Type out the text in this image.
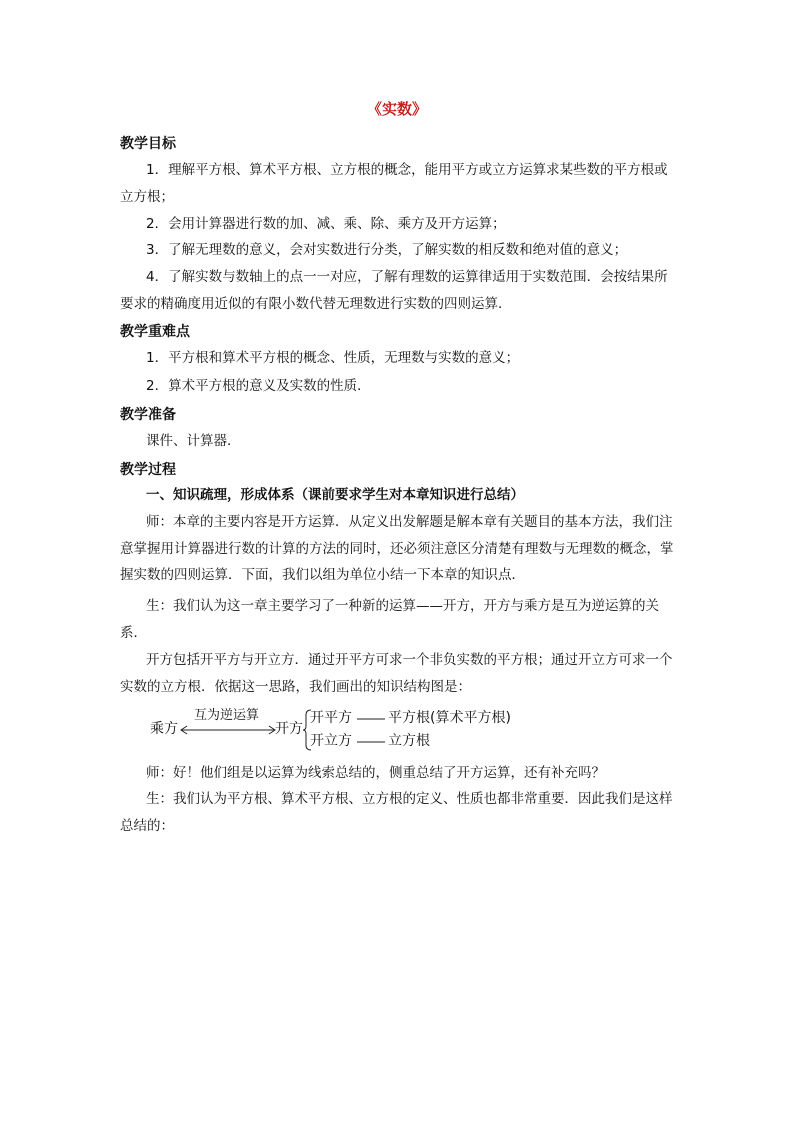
《实数》
教学目标

1．理解平方根、算术平方根、立方根的概念，能用平方或立方运算求某些数的平方根或立方根；

2．会用计算器进行数的加、减、乘、除、乘方及开方运算；

3．了解无理数的意义，会对实数进行分类，了解实数的相反数和绝对值的意义；

4．了解实数与数轴上的点一一对应，了解有理数的运算律适用于实数范围．会按结果所要求的精确度用近似的有限小数代替无理数进行实数的四则运算．

教学重难点

1．平方根和算术平方根的概念、性质，无理数与实数的意义；

2．算术平方根的意义及实数的性质．

教学准备

课件、计算器．

教学过程

一、知识疏理，形成体系（课前要求学生对本章知识进行总结）

师：本章的主要内容是开方运算．从定义出发解题是解本章有关题目的基本方法，我们注意掌握用计算器进行数的计算的方法的同时，还必须注意区分清楚有理数与无理数的概念，掌握实数的四则运算．下面，我们以组为单位小结一下本章的知识点．

生：我们认为这一章主要学习了一种新的运算——开方，开方与乘方是互为逆运算的关系．

开方包括开平方与开立方．通过开平方可求一个非负实数的平方根；通过开立方可求一个实数的立方根．依据这一思路，我们画出的知识结构图是：

乘方
互为逆运算
开方
开平方	平方根(算术平方根)
开立方	立方根

师：好！他们组是以运算为线索总结的，侧重总结了开方运算，还有补充吗？

生：我们认为平方根、算术平方根、立方根的定义、性质也都非常重要．因此我们是这样总结的：
